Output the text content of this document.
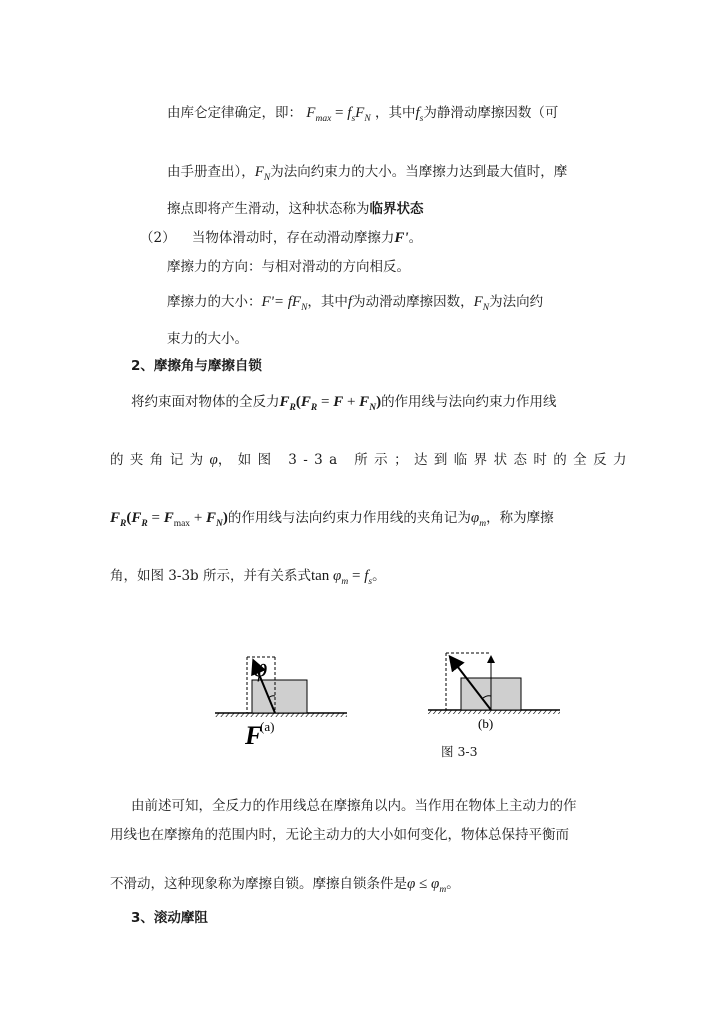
由库仑定律确定，即： $F_{max} = f_sF_N$ ，其中$f_s$为静滑动摩擦因数（可
由手册查出），$F_N$为法向约束力的大小。当摩擦力达到最大值时，摩
擦点即将产生滑动，这种状态称为临界状态
（2） 当物体滑动时，存在动滑动摩擦力F'。
摩擦力的方向：与相对滑动的方向相反。
摩擦力的大小：$F'= fF_N$，其中f为动滑动摩擦因数，$F_N$为法向约
束力的大小。
2、摩擦角与摩擦自锁
将约束面对物体的全反力$F_R(F_R = F + F_N)$的作用线与法向约束力作用线
的夹角记为φ，如图 3-3a 所示；达到临界状态时的全反力
$F_R(F_R = F_{max} + F_N)$的作用线与法向约束力作用线的夹角记为$\varphi_m$，称为摩擦
角，如图 3-3b 所示，并有关系式$\tan \varphi_m = f_s$。
φ
(a)
F	(b)
图 3-3
由前述可知，全反力的作用线总在摩擦角以内。当作用在物体上主动力的作
用线也在摩擦角的范围内时，无论主动力的大小如何变化，物体总保持平衡而
不滑动，这种现象称为摩擦自锁。摩擦自锁条件是$\varphi \le \varphi_m$。
3、滚动摩阻
